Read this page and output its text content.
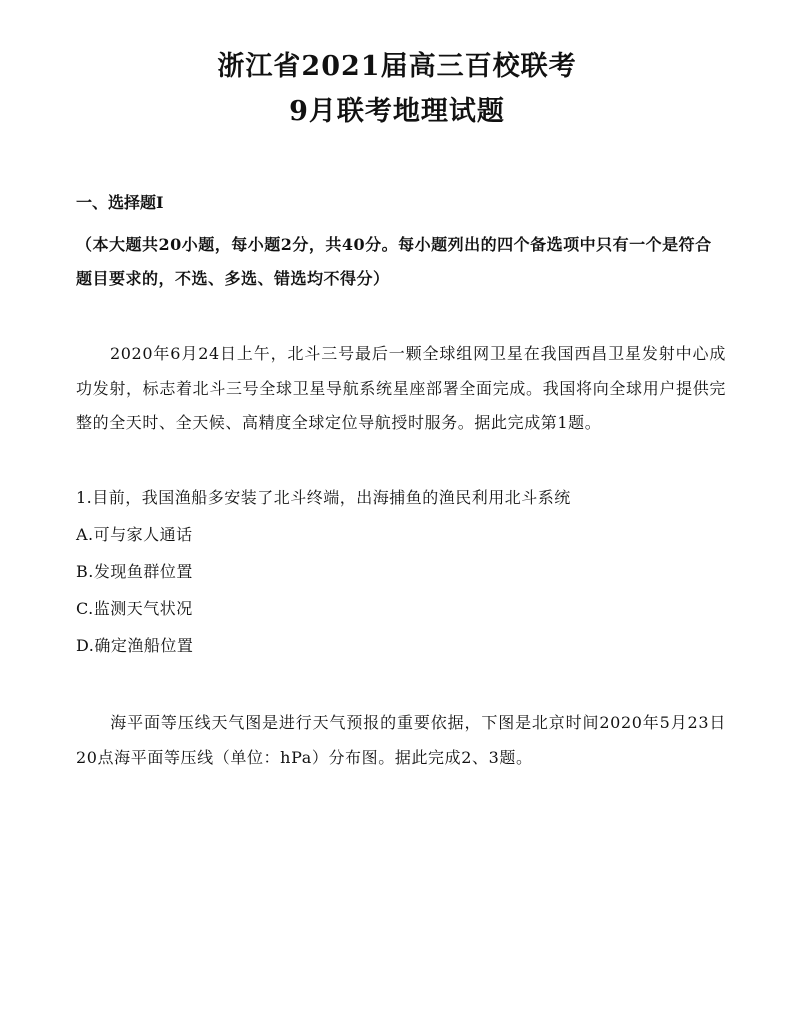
浙江省2021届高三百校联考
9月联考地理试题
一、选择题Ⅰ
（本大题共20小题，每小题2分，共40分。每小题列出的四个备选项中只有一个是符合题目要求的，不选、多选、错选均不得分）
2020年6月24日上午，北斗三号最后一颗全球组网卫星在我国西昌卫星发射中心成功发射，标志着北斗三号全球卫星导航系统星座部署全面完成。我国将向全球用户提供完整的全天时、全天候、高精度全球定位导航授时服务。据此完成第1题。
1.目前，我国渔船多安装了北斗终端，出海捕鱼的渔民利用北斗系统
A.可与家人通话
B.发现鱼群位置
C.监测天气状况
D.确定渔船位置
海平面等压线天气图是进行天气预报的重要依据，下图是北京时间2020年5月23日20点海平面等压线（单位：hPa）分布图。据此完成2、3题。
